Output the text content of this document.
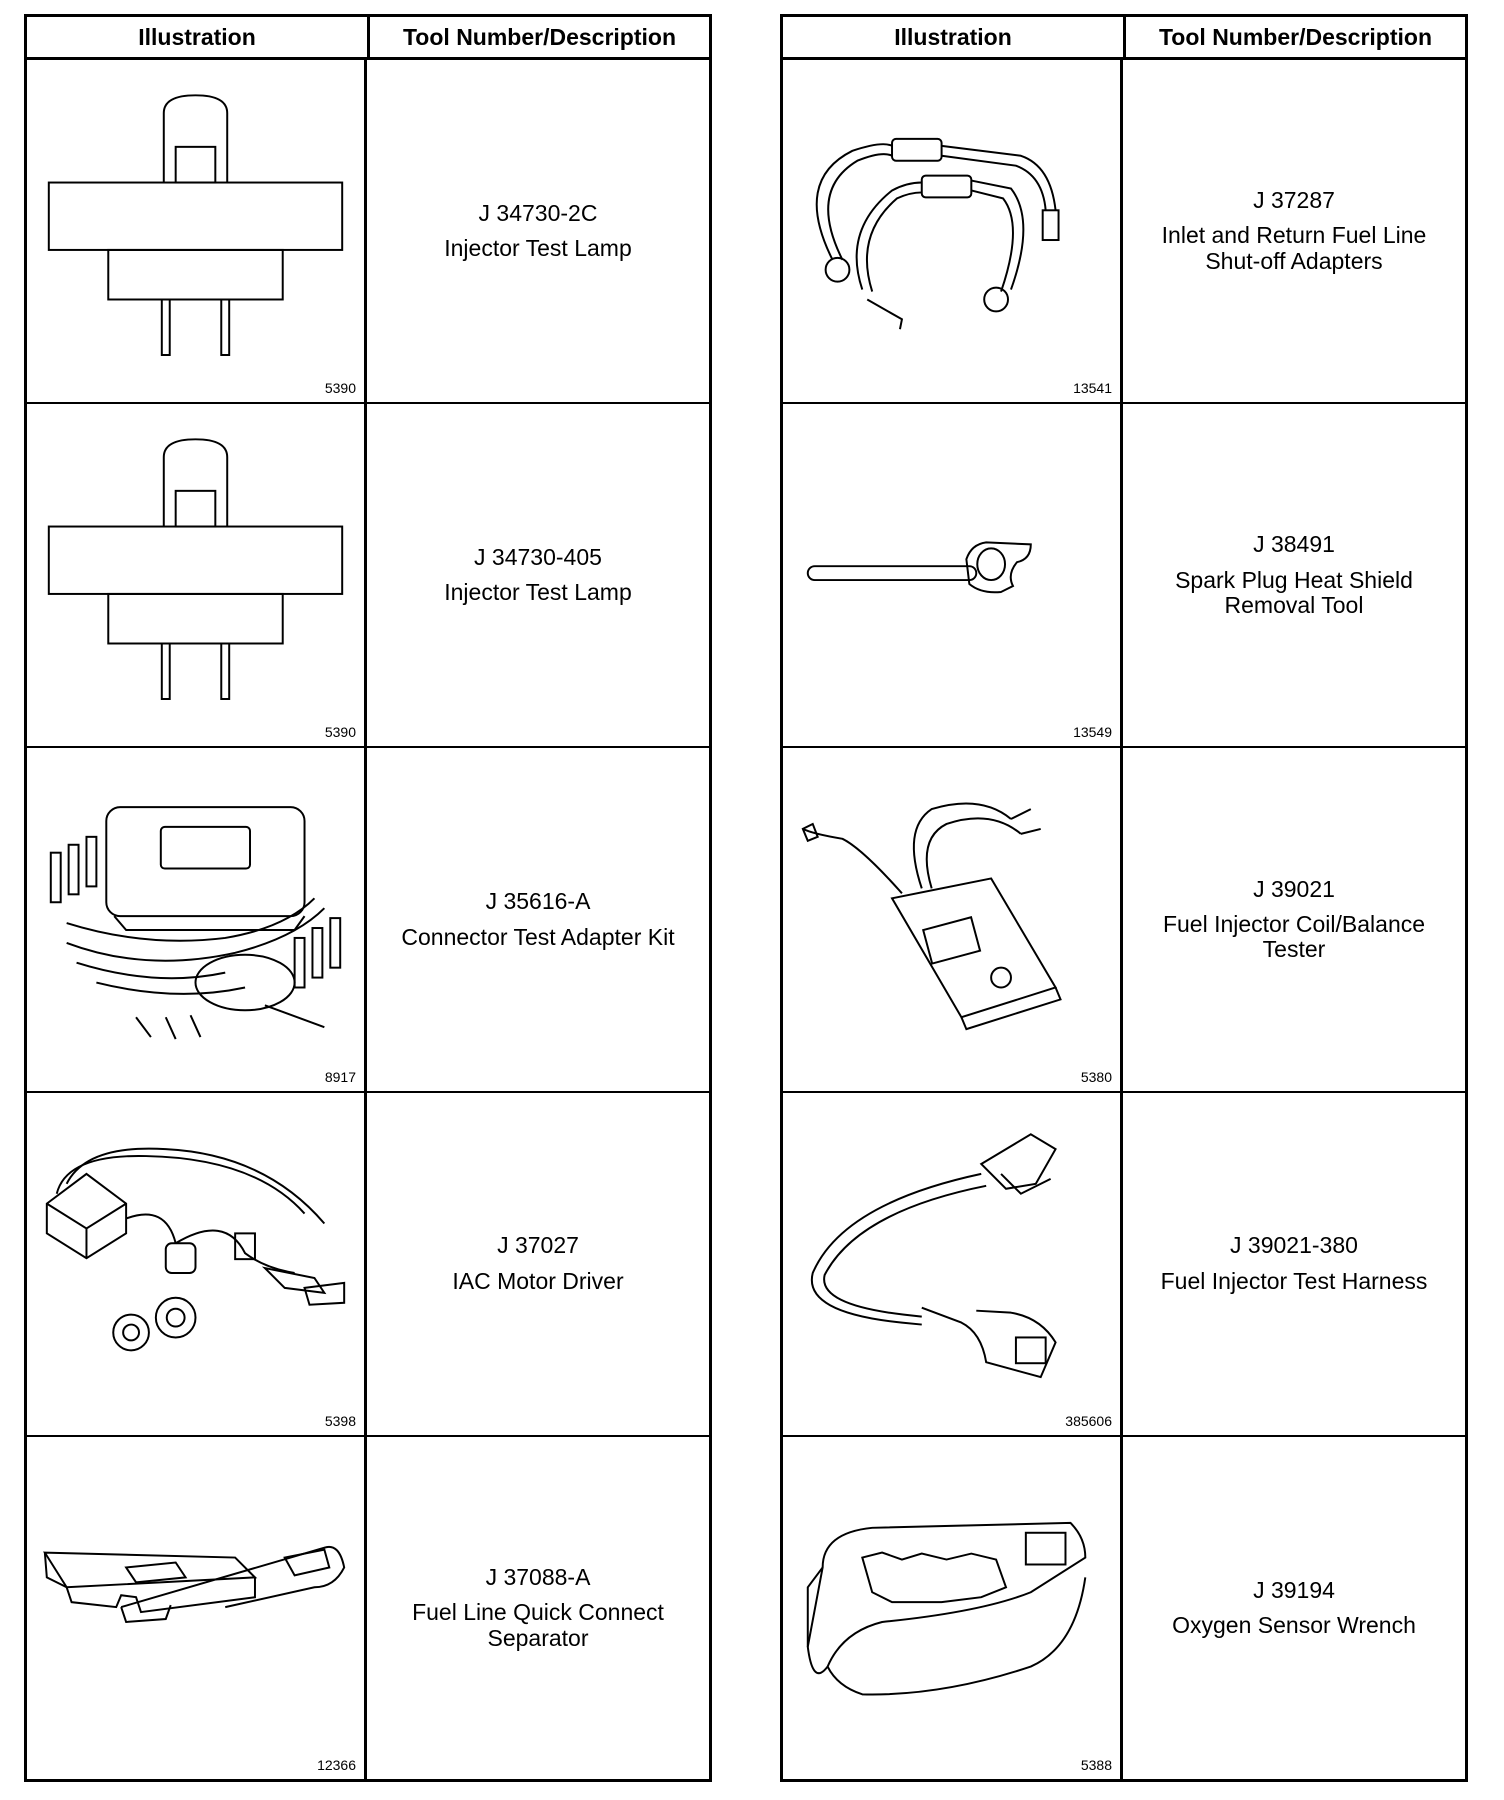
Illustration	Tool Number/Description
5390
J 34730-2C
Injector Test Lamp
5390
J 34730-405
Injector Test Lamp
8917
J 35616-A
Connector Test Adapter Kit
5398
J 37027
IAC Motor Driver
12366
J 37088-A
Fuel Line Quick Connect Separator
Illustration	Tool Number/Description
13541
J 37287
Inlet and Return Fuel Line Shut-off Adapters
13549
J 38491
Spark Plug Heat Shield Removal Tool
5380
J 39021
Fuel Injector Coil/Balance Tester
385606
J 39021-380
Fuel Injector Test Harness
5388
J 39194
Oxygen Sensor Wrench
